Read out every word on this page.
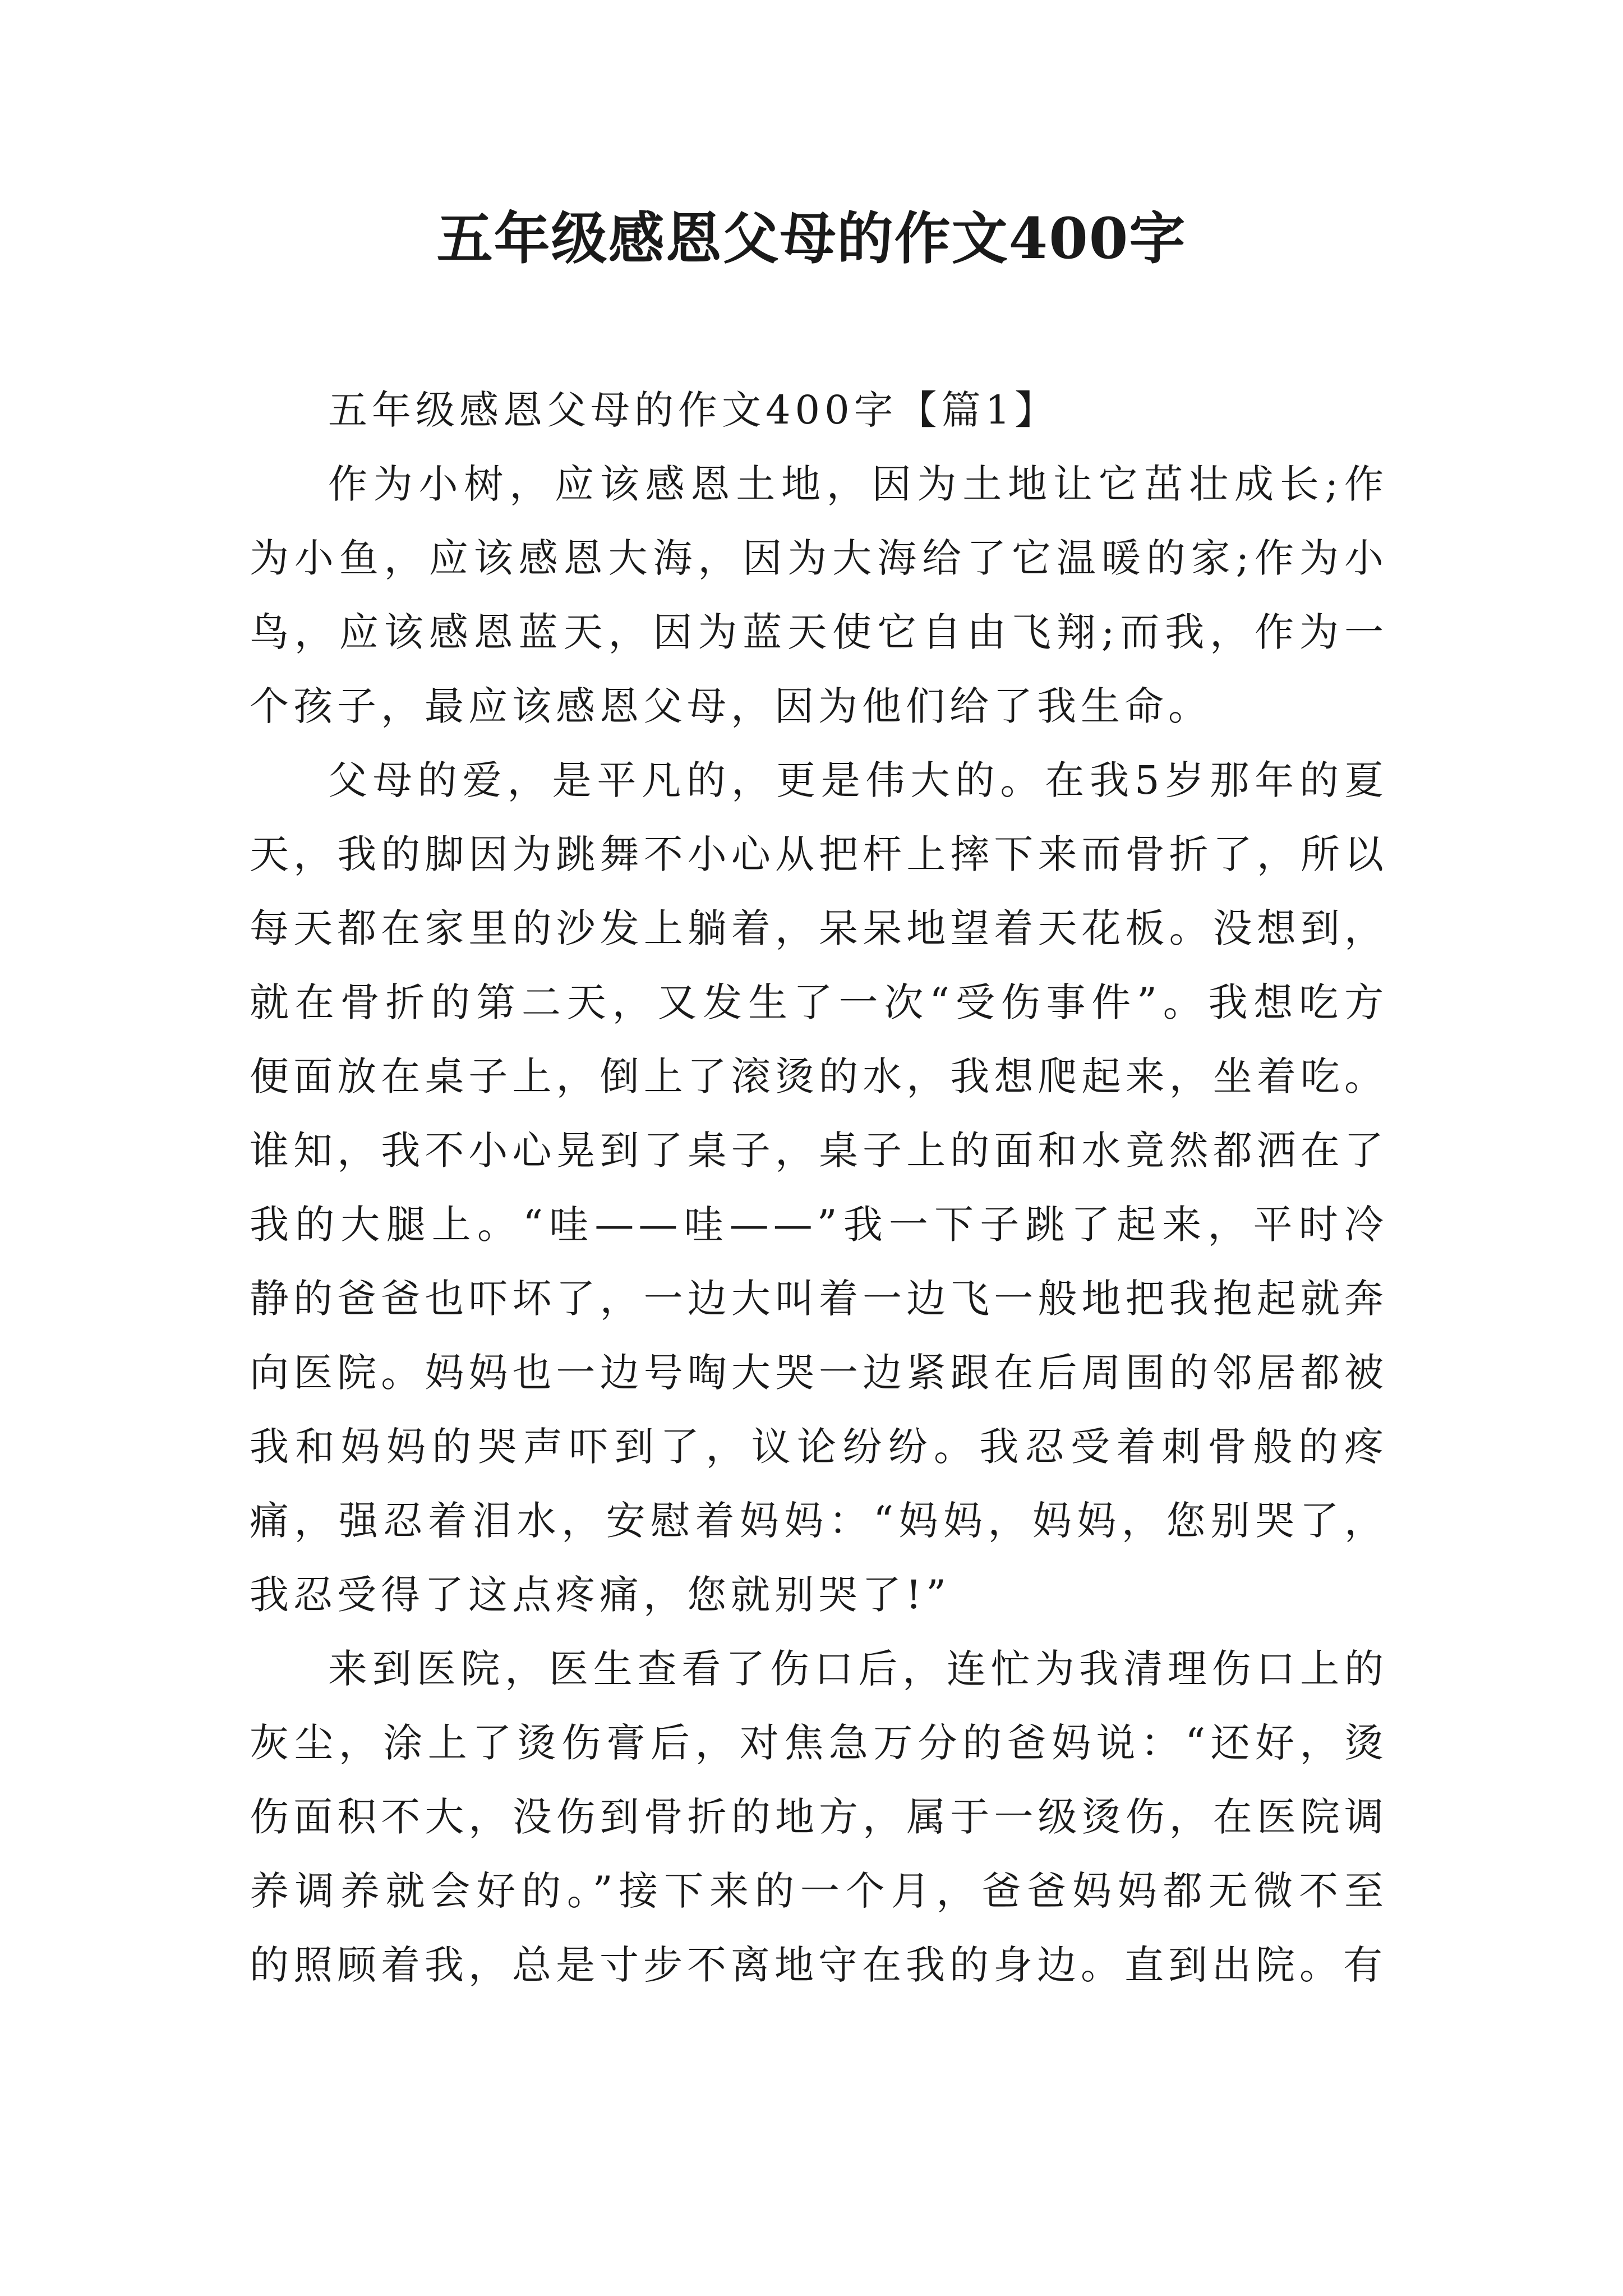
五年级感恩父母的作文400字

五年级感恩父母的作文400字【篇1】

作为小树，应该感恩土地，因为土地让它茁壮成长;作为小鱼，应该感恩大海，因为大海给了它温暖的家;作为小鸟，应该感恩蓝天，因为蓝天使它自由飞翔;而我，作为一个孩子，最应该感恩父母，因为他们给了我生命。

父母的爱，是平凡的，更是伟大的。在我5岁那年的夏天，我的脚因为跳舞不小心从把杆上摔下来而骨折了，所以每天都在家里的沙发上躺着，呆呆地望着天花板。没想到，就在骨折的第二天，又发生了一次“受伤事件”。我想吃方便面放在桌子上，倒上了滚烫的水，我想爬起来，坐着吃。谁知，我不小心晃到了桌子，桌子上的面和水竟然都洒在了我的大腿上。“哇——哇——”我一下子跳了起来，平时冷静的爸爸也吓坏了，一边大叫着一边飞一般地把我抱起就奔向医院。妈妈也一边号啕大哭一边紧跟在后周围的邻居都被我和妈妈的哭声吓到了，议论纷纷。我忍受着刺骨般的疼痛，强忍着泪水，安慰着妈妈：“妈妈，妈妈，您别哭了，我忍受得了这点疼痛，您就别哭了!”

来到医院，医生查看了伤口后，连忙为我清理伤口上的灰尘，涂上了烫伤膏后，对焦急万分的爸妈说：“还好，烫伤面积不大，没伤到骨折的地方，属于一级烫伤，在医院调养调养就会好的。”接下来的一个月，爸爸妈妈都无微不至的照顾着我，总是寸步不离地守在我的身边。直到出院。有
